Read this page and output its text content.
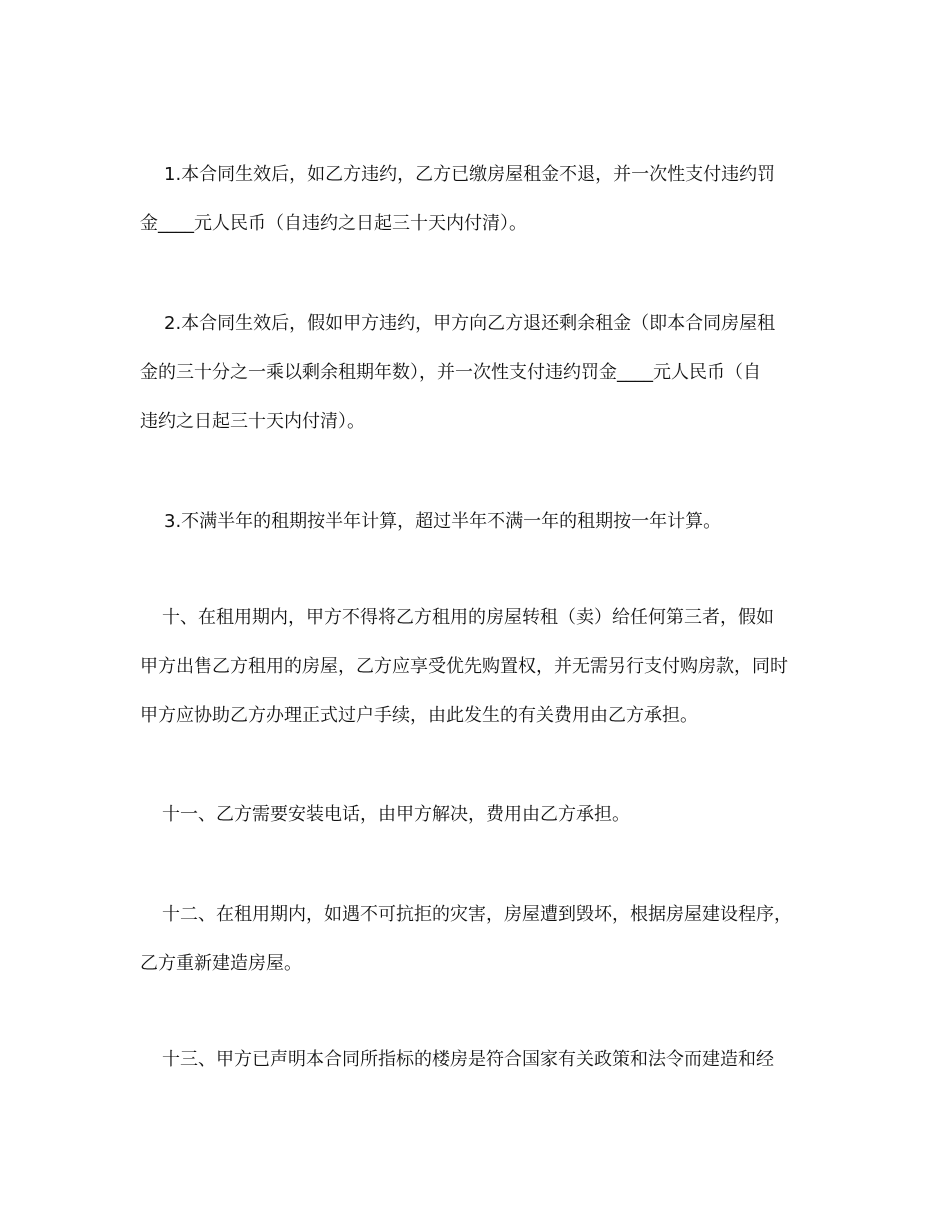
1.本合同生效后，如乙方违约，乙方已缴房屋租金不退，并一次性支付违约罚
金____元人民币（自违约之日起三十天内付清）。
2.本合同生效后，假如甲方违约，甲方向乙方退还剩余租金（即本合同房屋租
金的三十分之一乘以剩余租期年数），并一次性支付违约罚金____元人民币（自
违约之日起三十天内付清）。
3.不满半年的租期按半年计算，超过半年不满一年的租期按一年计算。
十、在租用期内，甲方不得将乙方租用的房屋转租（卖）给任何第三者，假如
甲方出售乙方租用的房屋，乙方应享受优先购置权，并无需另行支付购房款，同时
甲方应协助乙方办理正式过户手续，由此发生的有关费用由乙方承担。
十一、乙方需要安装电话，由甲方解决，费用由乙方承担。
十二、在租用期内，如遇不可抗拒的灾害，房屋遭到毁坏，根据房屋建设程序，
乙方重新建造房屋。
十三、甲方已声明本合同所指标的楼房是符合国家有关政策和法令而建造和经
